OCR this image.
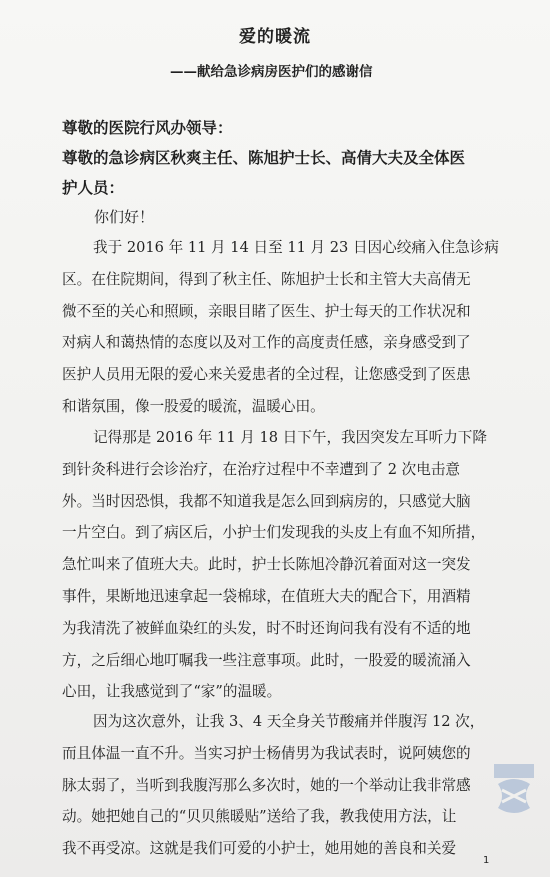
爱的暖流
——献给急诊病房医护们的感谢信
尊敬的医院行风办领导：
尊敬的急诊病区秋爽主任、陈旭护士长、高倩大夫及全体医
护人员：
你们好！
我于 2016 年 11 月 14 日至 11 月 23 日因心绞痛入住急诊病
区。在住院期间，得到了秋主任、陈旭护士长和主管大夫高倩无
微不至的关心和照顾，亲眼目睹了医生、护士每天的工作状况和
对病人和蔼热情的态度以及对工作的高度责任感，亲身感受到了
医护人员用无限的爱心来关爱患者的全过程，让您感受到了医患
和谐氛围，像一股爱的暖流，温暖心田。
记得那是 2016 年 11 月 18 日下午，我因突发左耳听力下降
到针灸科进行会诊治疗，在治疗过程中不幸遭到了 2 次电击意
外。当时因恐惧，我都不知道我是怎么回到病房的，只感觉大脑
一片空白。到了病区后，小护士们发现我的头皮上有血不知所措，
急忙叫来了值班大夫。此时，护士长陈旭冷静沉着面对这一突发
事件，果断地迅速拿起一袋棉球，在值班大夫的配合下，用酒精
为我清洗了被鲜血染红的头发，时不时还询问我有没有不适的地
方，之后细心地叮嘱我一些注意事项。此时，一股爱的暖流涌入
心田，让我感觉到了“家”的温暖。
因为这次意外，让我 3、4 天全身关节酸痛并伴腹泻 12 次，
而且体温一直不升。当实习护士杨倩男为我试表时，说阿姨您的
脉太弱了，当听到我腹泻那么多次时，她的一个举动让我非常感
动。她把她自己的“贝贝熊暖贴”送给了我，教我使用方法，让
我不再受凉。这就是我们可爱的小护士，她用她的善良和关爱
1
